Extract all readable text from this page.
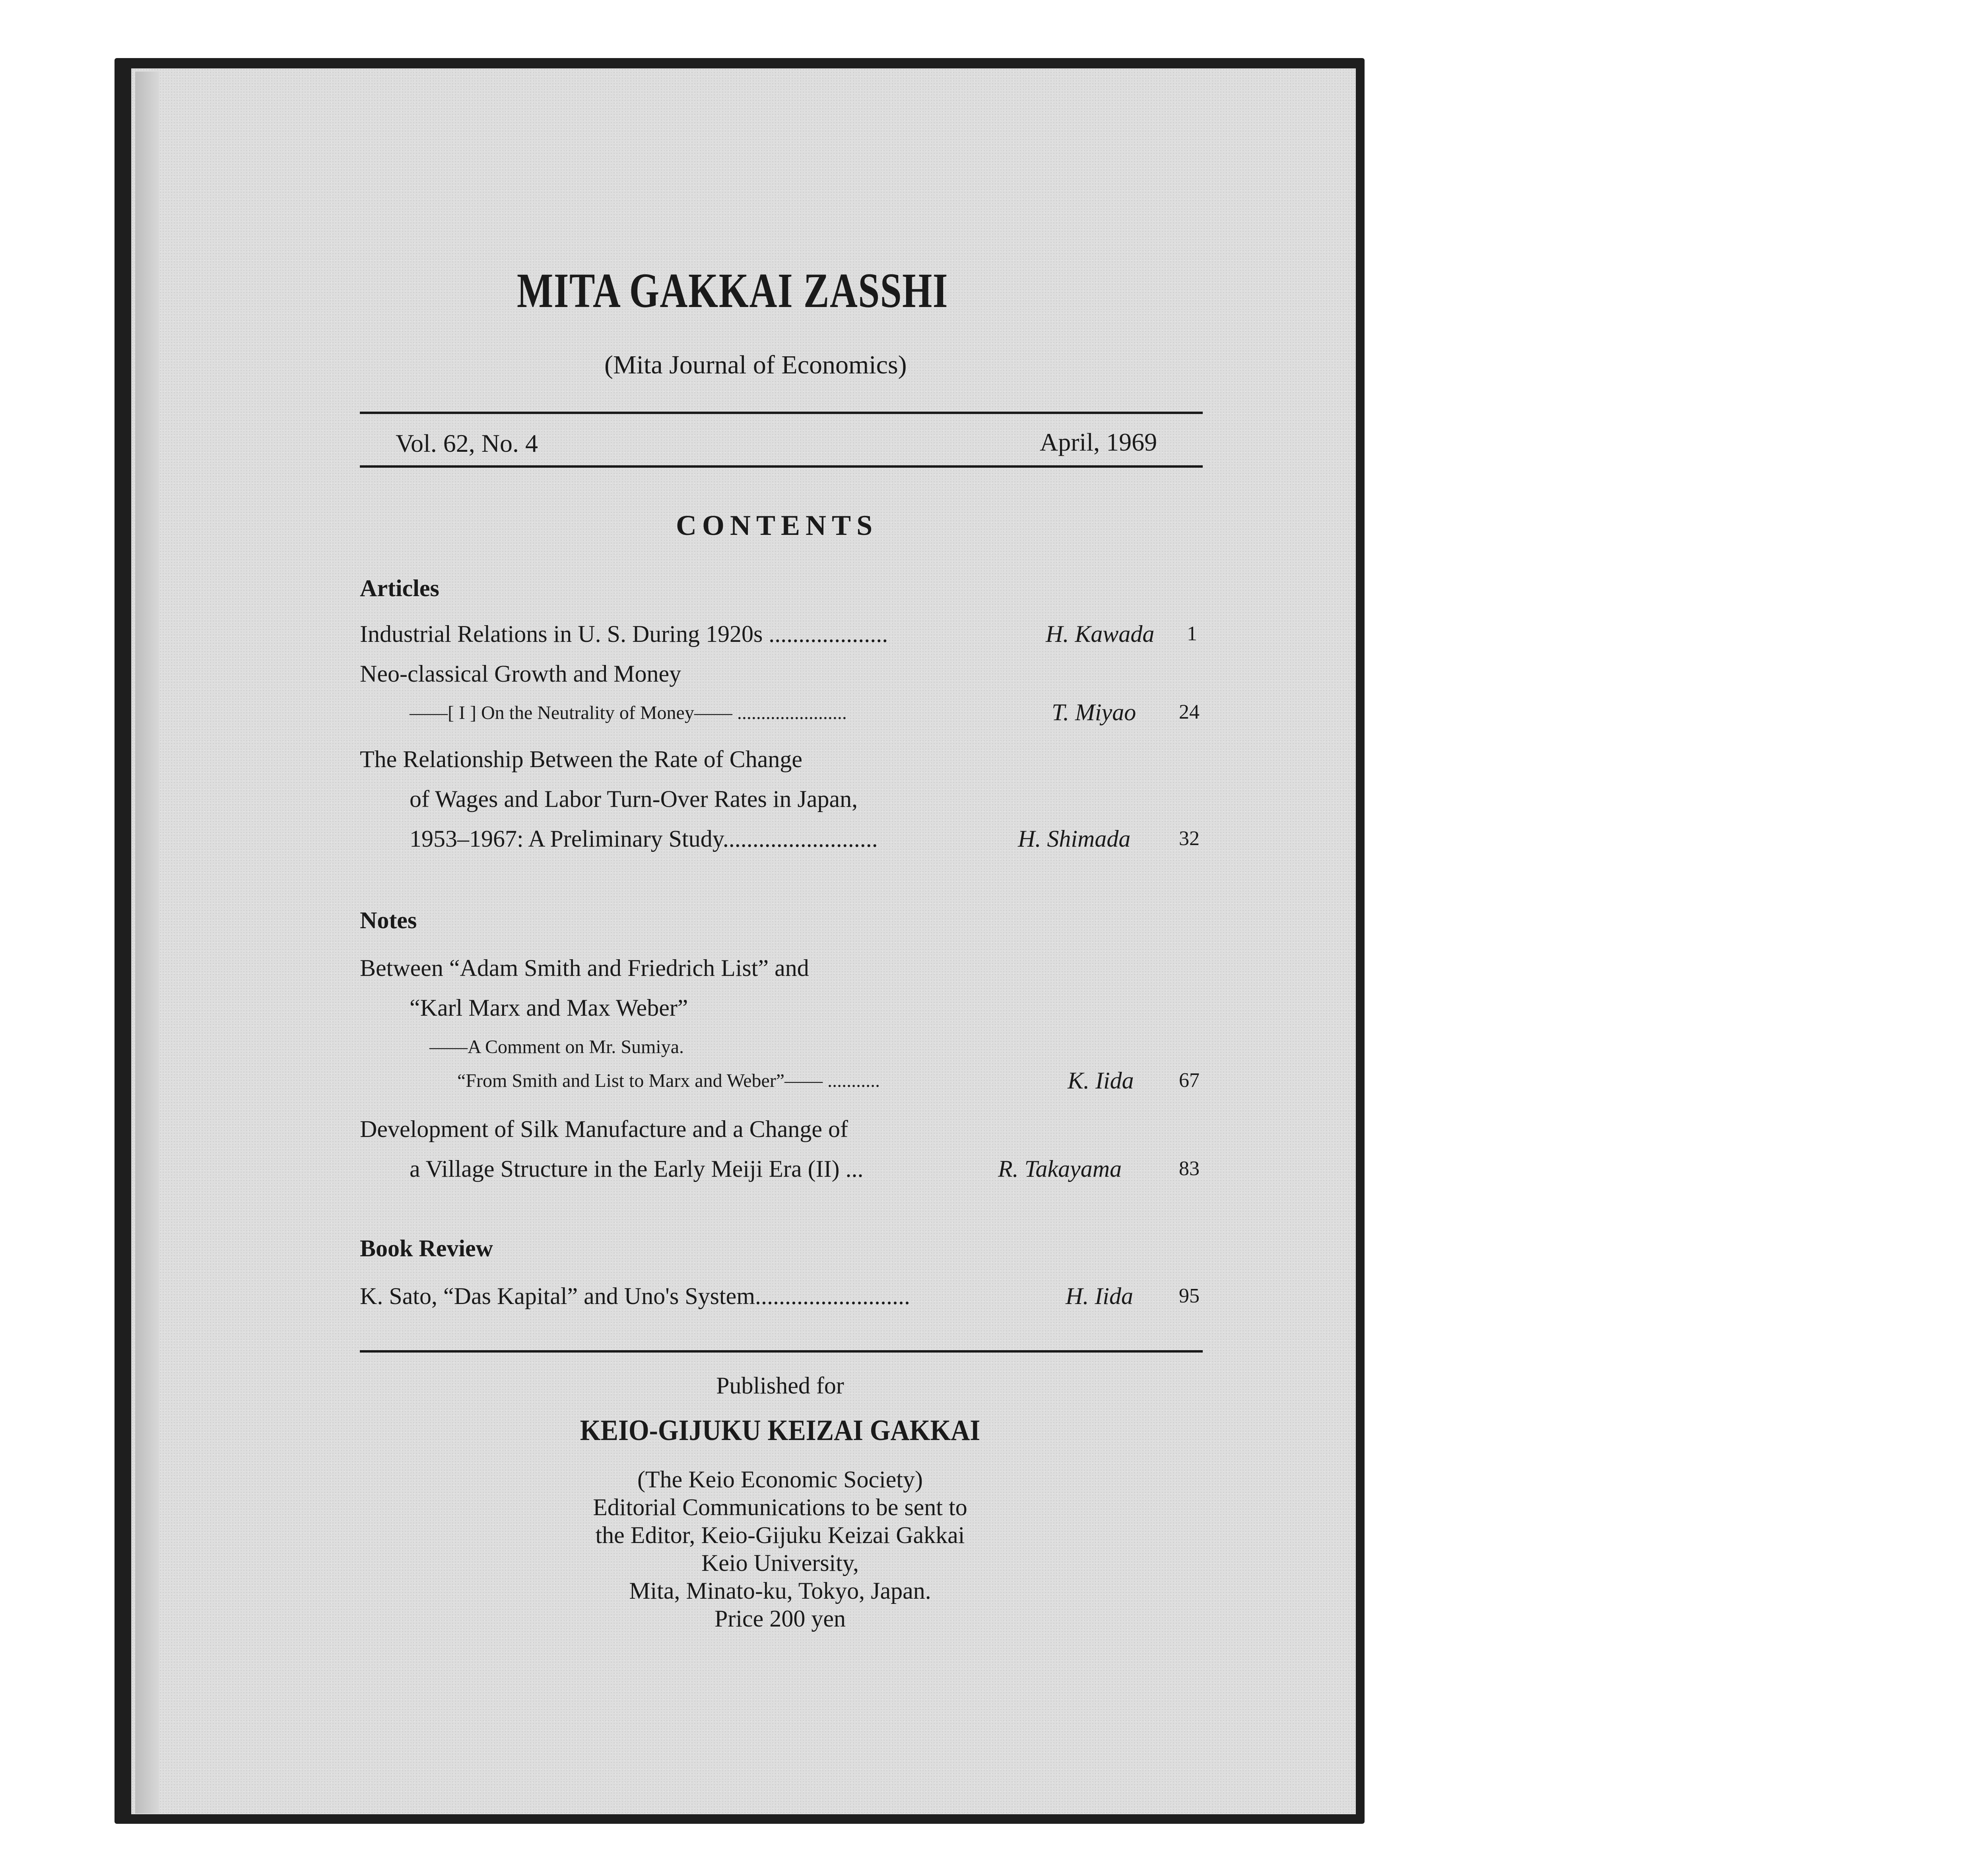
MITA GAKKAI ZASSHI
(Mita Journal of Economics)
Vol. 62, No. 4	April, 1969
CONTENTS
Articles
Industrial Relations in U. S. During 1920s ....................	H. Kawada 1
Neo-classical Growth and Money
——[ I ] On the Neutrality of Money—— .......................	T. Miyao 24
The Relationship Between the Rate of Change
of Wages and Labor Turn-Over Rates in Japan,
1953–1967: A Preliminary Study..........................	H. Shimada 32
Notes
Between “Adam Smith and Friedrich List” and
“Karl Marx and Max Weber”
——A Comment on Mr. Sumiya.
“From Smith and List to Marx and Weber”—— ...........	K. Iida 67
Development of Silk Manufacture and a Change of
a Village Structure in the Early Meiji Era (II) ...	R. Takayama	83
Book Review
K. Sato, “Das Kapital” and Uno's System..........................	H. Iida 95
Published for
KEIO-GIJUKU KEIZAI GAKKAI
(The Keio Economic Society)
Editorial Communications to be sent to
the Editor, Keio-Gijuku Keizai Gakkai
Keio University,
Mita, Minato-ku, Tokyo, Japan.
Price 200 yen
